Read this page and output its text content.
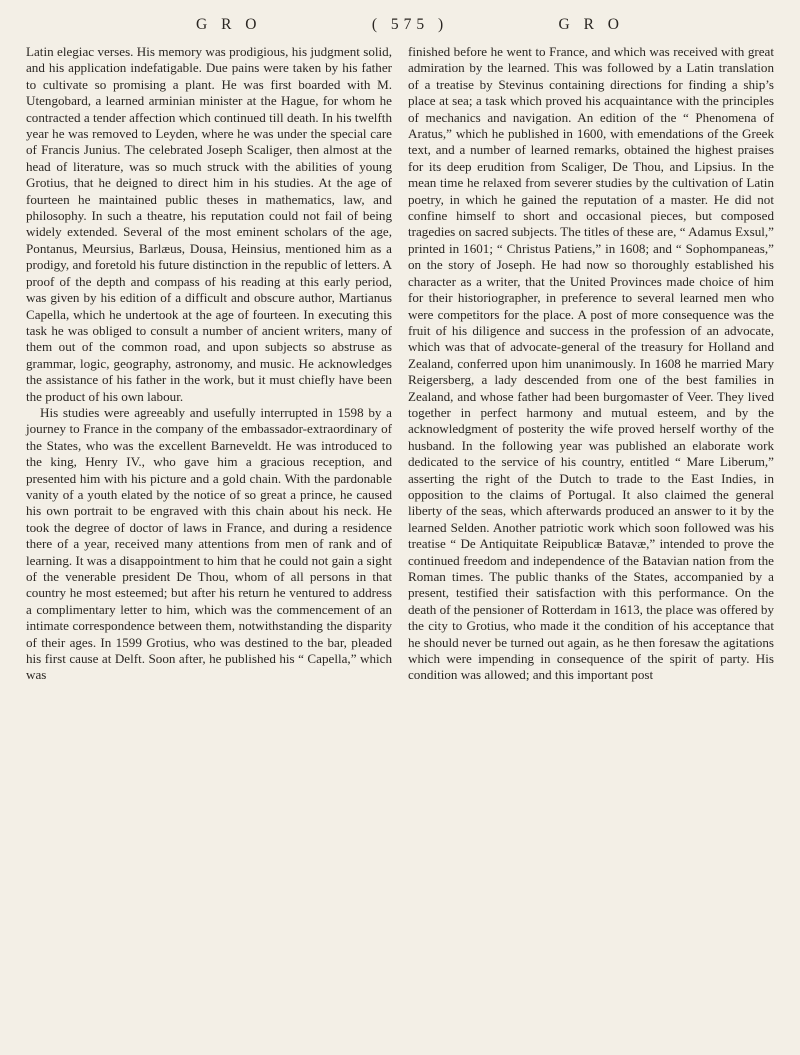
G R O	( 575 )	G R O

Latin elegiac verses. His memory was prodigious, his judgment solid, and his application indefatigable. Due pains were taken by his father to cultivate so promising a plant. He was first boarded with M. Utengobard, a learned arminian minister at the Hague, for whom he contracted a tender affection which continued till death. In his twelfth year he was removed to Leyden, where he was under the special care of Francis Junius. The celebrated Joseph Scaliger, then almost at the head of literature, was so much struck with the abilities of young Grotius, that he deigned to direct him in his studies. At the age of fourteen he maintained public theses in mathematics, law, and philosophy. In such a theatre, his reputation could not fail of being widely extended. Several of the most eminent scholars of the age, Pontanus, Meursius, Barlæus, Dousa, Heinsius, mentioned him as a prodigy, and foretold his future distinction in the republic of letters. A proof of the depth and compass of his reading at this early period, was given by his edition of a difficult and obscure author, Martianus Capella, which he undertook at the age of fourteen. In executing this task he was obliged to consult a number of ancient writers, many of them out of the common road, and upon subjects so abstruse as grammar, logic, geography, astronomy, and music. He acknowledges the assistance of his father in the work, but it must chiefly have been the product of his own labour.

His studies were agreeably and usefully interrupted in 1598 by a journey to France in the company of the embassador-extraordinary of the States, who was the excellent Barneveldt. He was introduced to the king, Henry IV., who gave him a gracious reception, and presented him with his picture and a gold chain. With the pardonable vanity of a youth elated by the notice of so great a prince, he caused his own portrait to be engraved with this chain about his neck. He took the degree of doctor of laws in France, and during a residence there of a year, received many attentions from men of rank and of learning. It was a disappointment to him that he could not gain a sight of the venerable president De Thou, whom of all persons in that country he most esteemed; but after his return he ventured to address a complimentary letter to him, which was the commencement of an intimate correspondence between them, notwithstanding the disparity of their ages. In 1599 Grotius, who was destined to the bar, pleaded his first cause at Delft. Soon after, he published his “ Capella,” which was

finished before he went to France, and which was received with great admiration by the learned. This was followed by a Latin translation of a treatise by Stevinus containing directions for finding a ship’s place at sea; a task which proved his acquaintance with the principles of mechanics and navigation. An edition of the “ Phenomena of Aratus,” which he published in 1600, with emendations of the Greek text, and a number of learned remarks, obtained the highest praises for its deep erudition from Scaliger, De Thou, and Lipsius. In the mean time he relaxed from severer studies by the cultivation of Latin poetry, in which he gained the reputation of a master. He did not confine himself to short and occasional pieces, but composed tragedies on sacred subjects. The titles of these are, “ Adamus Exsul,” printed in 1601; “ Christus Patiens,” in 1608; and “ Sophompaneas,” on the story of Joseph. He had now so thoroughly established his character as a writer, that the United Provinces made choice of him for their historiographer, in preference to several learned men who were competitors for the place. A post of more consequence was the fruit of his diligence and success in the profession of an advocate, which was that of advocate-general of the treasury for Holland and Zealand, conferred upon him unanimously. In 1608 he married Mary Reigersberg, a lady descended from one of the best families in Zealand, and whose father had been burgomaster of Veer. They lived together in perfect harmony and mutual esteem, and by the acknowledgment of posterity the wife proved herself worthy of the husband. In the following year was published an elaborate work dedicated to the service of his country, entitled “ Mare Liberum,” asserting the right of the Dutch to trade to the East Indies, in opposition to the claims of Portugal. It also claimed the general liberty of the seas, which afterwards produced an answer to it by the learned Selden. Another patriotic work which soon followed was his treatise “ De Antiquitate Reipublicæ Batavæ,” intended to prove the continued freedom and independence of the Batavian nation from the Roman times. The public thanks of the States, accompanied by a present, testified their satisfaction with this performance. On the death of the pensioner of Rotterdam in 1613, the place was offered by the city to Grotius, who made it the condition of his acceptance that he should never be turned out again, as he then foresaw the agitations which were impending in consequence of the spirit of party. His condition was allowed; and this important post
